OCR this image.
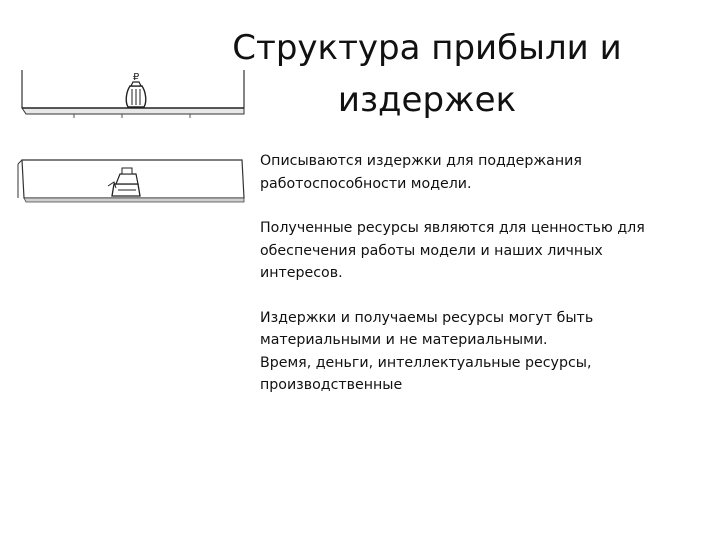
Структура прибыли и
издержек
₽

Описываются издержки для поддержания работоспособности модели.

Полученные ресурсы являются для ценностью для обеспечения работы модели и наших личных интересов.

Издержки и получаемы ресурсы могут быть материальными и не материальными.

Время, деньги, интеллектуальные ресурсы, производственные
